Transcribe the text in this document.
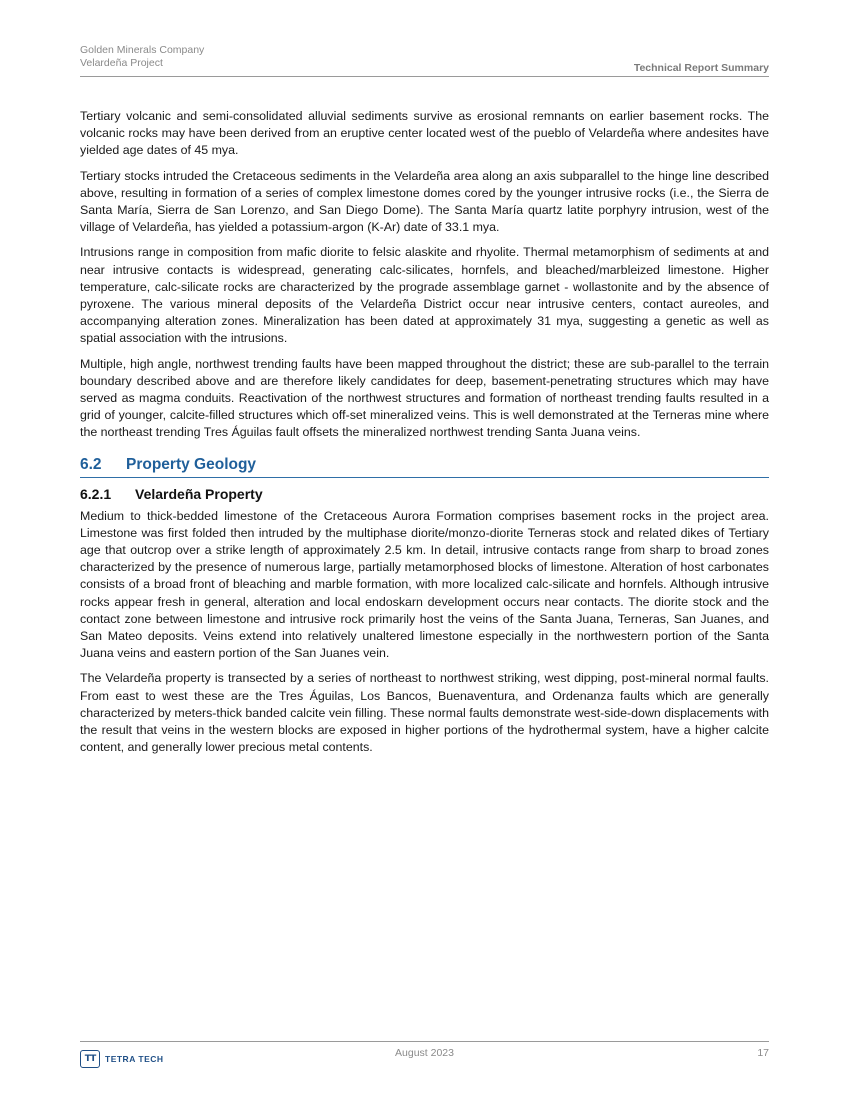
Golden Minerals Company
Velardeña Project	Technical Report Summary

Tertiary volcanic and semi-consolidated alluvial sediments survive as erosional remnants on earlier basement rocks. The volcanic rocks may have been derived from an eruptive center located west of the pueblo of Velardeña where andesites have yielded age dates of 45 mya.

Tertiary stocks intruded the Cretaceous sediments in the Velardeña area along an axis subparallel to the hinge line described above, resulting in formation of a series of complex limestone domes cored by the younger intrusive rocks (i.e., the Sierra de Santa María, Sierra de San Lorenzo, and San Diego Dome). The Santa María quartz latite porphyry intrusion, west of the village of Velardeña, has yielded a potassium-argon (K-Ar) date of 33.1 mya.

Intrusions range in composition from mafic diorite to felsic alaskite and rhyolite. Thermal metamorphism of sediments at and near intrusive contacts is widespread, generating calc-silicates, hornfels, and bleached/marbleized limestone. Higher temperature, calc-silicate rocks are characterized by the prograde assemblage garnet - wollastonite and by the absence of pyroxene. The various mineral deposits of the Velardeña District occur near intrusive centers, contact aureoles, and accompanying alteration zones. Mineralization has been dated at approximately 31 mya, suggesting a genetic as well as spatial association with the intrusions.

Multiple, high angle, northwest trending faults have been mapped throughout the district; these are sub-parallel to the terrain boundary described above and are therefore likely candidates for deep, basement-penetrating structures which may have served as magma conduits. Reactivation of the northwest structures and formation of northeast trending faults resulted in a grid of younger, calcite-filled structures which off-set mineralized veins. This is well demonstrated at the Terneras mine where the northeast trending Tres Águilas fault offsets the mineralized northwest trending Santa Juana veins.

6.2 Property Geology
6.2.1 Velardeña Property

Medium to thick-bedded limestone of the Cretaceous Aurora Formation comprises basement rocks in the project area. Limestone was first folded then intruded by the multiphase diorite/monzo-diorite Terneras stock and related dikes of Tertiary age that outcrop over a strike length of approximately 2.5 km. In detail, intrusive contacts range from sharp to broad zones characterized by the presence of numerous large, partially metamorphosed blocks of limestone. Alteration of host carbonates consists of a broad front of bleaching and marble formation, with more localized calc-silicate and hornfels. Although intrusive rocks appear fresh in general, alteration and local endoskarn development occurs near contacts. The diorite stock and the contact zone between limestone and intrusive rock primarily host the veins of the Santa Juana, Terneras, San Juanes, and San Mateo deposits. Veins extend into relatively unaltered limestone especially in the northwestern portion of the Santa Juana veins and eastern portion of the San Juanes vein.

The Velardeña property is transected by a series of northeast to northwest striking, west dipping, post-mineral normal faults. From east to west these are the Tres Águilas, Los Bancos, Buenaventura, and Ordenanza faults which are generally characterized by meters-thick banded calcite vein filling. These normal faults demonstrate west-side-down displacements with the result that veins in the western blocks are exposed in higher portions of the hydrothermal system, have a higher calcite content, and generally lower precious metal contents.

TT	TETRA TECH	August 2023	17
